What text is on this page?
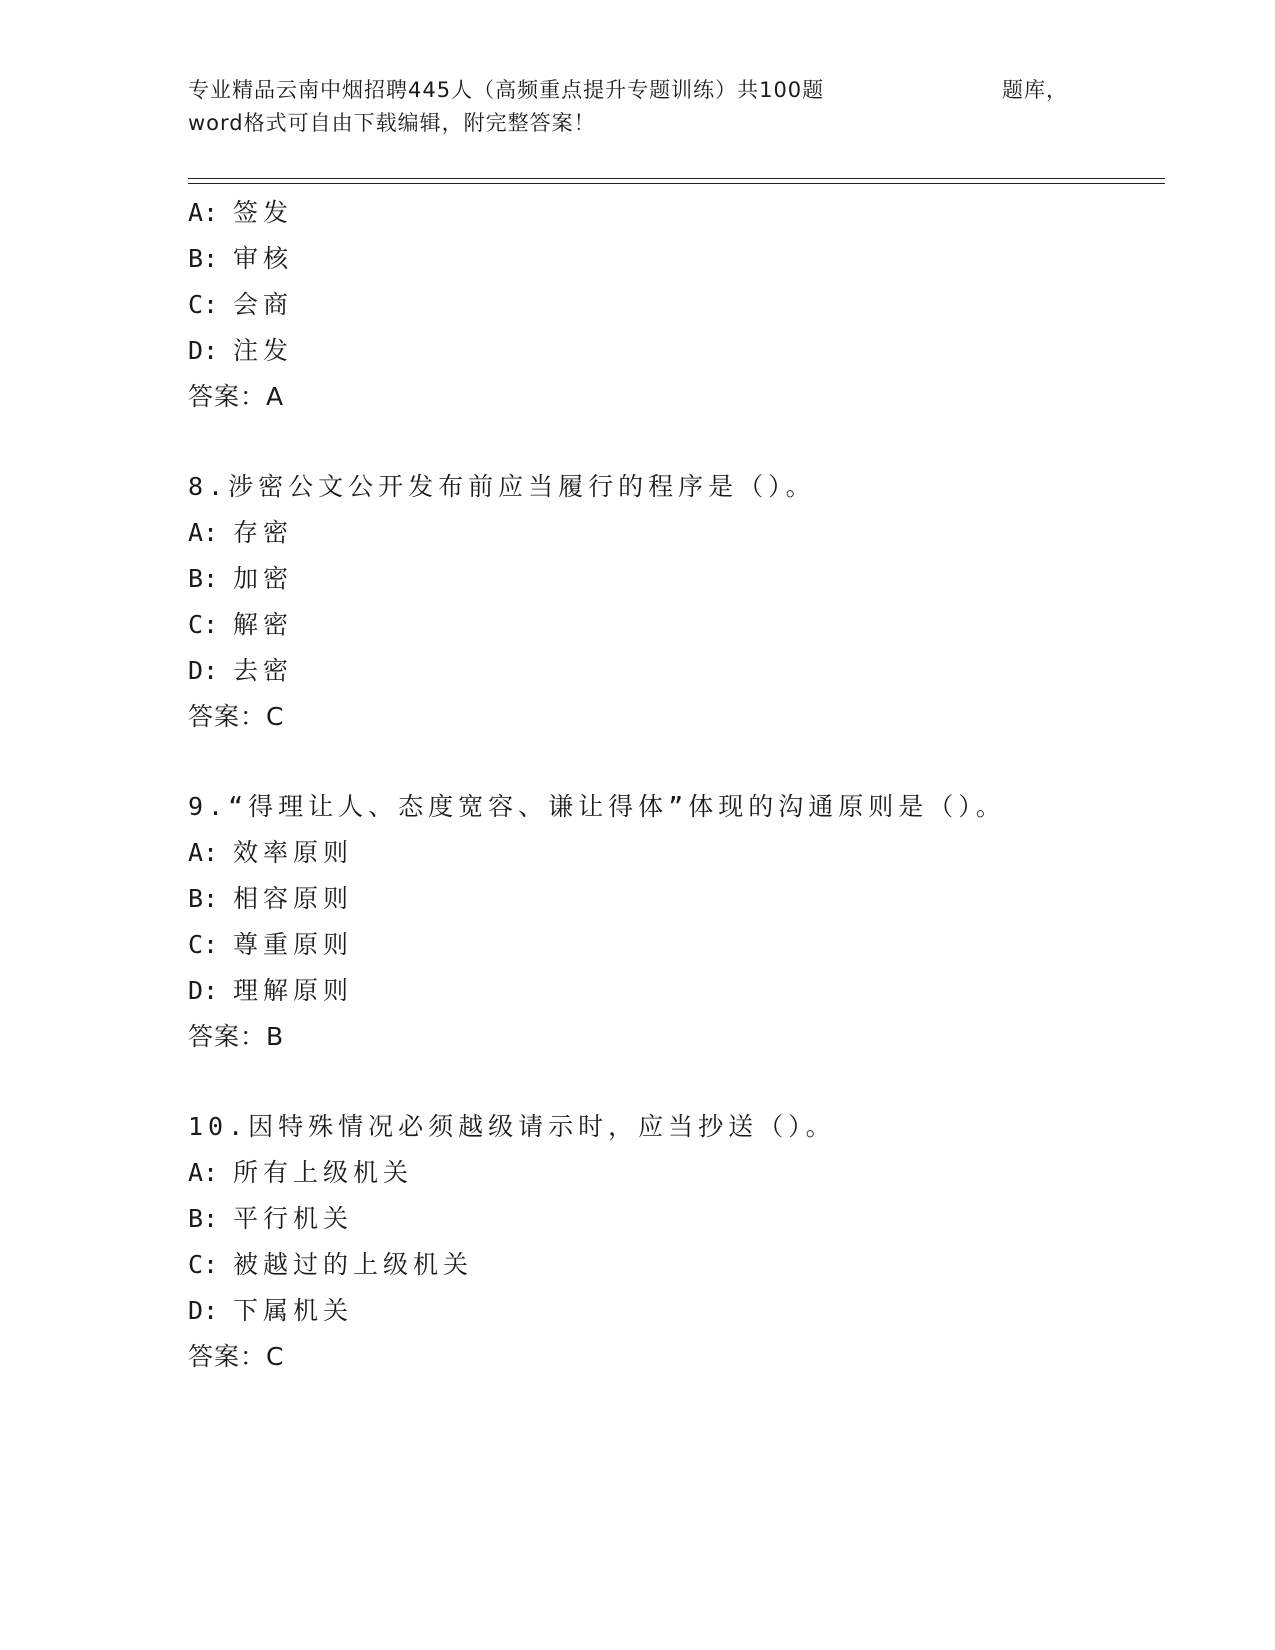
专业精品云南中烟招聘445人（高频重点提升专题训练）共100题	题库，
word格式可自由下载编辑，附完整答案！
A: 签发
B: 审核
C: 会商
D: 注发
答案：A
8.涉密公文公开发布前应当履行的程序是（）。
A: 存密
B: 加密
C: 解密
D: 去密
答案：C
9.“得理让人、态度宽容、谦让得体”体现的沟通原则是（）。
A: 效率原则
B: 相容原则
C: 尊重原则
D: 理解原则
答案：B
10.因特殊情况必须越级请示时，应当抄送（）。
A: 所有上级机关
B: 平行机关
C: 被越过的上级机关
D: 下属机关
答案：C
